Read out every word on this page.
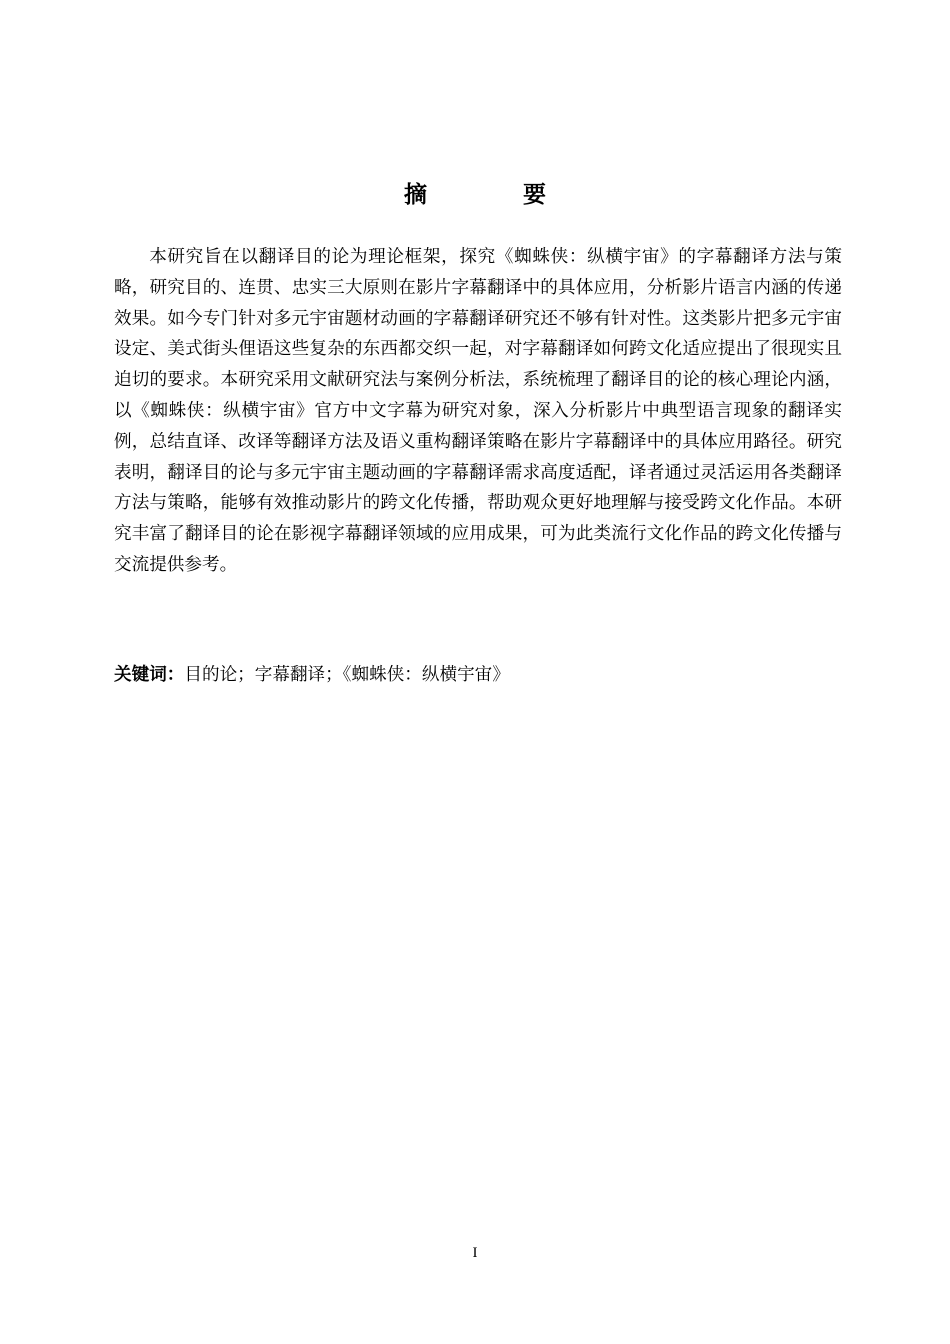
摘 要

本研究旨在以翻译目的论为理论框架，探究《蜘蛛侠：纵横宇宙》的字幕翻译方法与策略，研究目的、连贯、忠实三大原则在影片字幕翻译中的具体应用，分析影片语言内涵的传递效果。如今专门针对多元宇宙题材动画的字幕翻译研究还不够有针对性。这类影片把多元宇宙设定、美式街头俚语这些复杂的东西都交织一起，对字幕翻译如何跨文化适应提出了很现实且迫切的要求。本研究采用文献研究法与案例分析法，系统梳理了翻译目的论的核心理论内涵，以《蜘蛛侠：纵横宇宙》官方中文字幕为研究对象，深入分析影片中典型语言现象的翻译实例，总结直译、改译等翻译方法及语义重构翻译策略在影片字幕翻译中的具体应用路径。研究表明，翻译目的论与多元宇宙主题动画的字幕翻译需求高度适配，译者通过灵活运用各类翻译方法与策略，能够有效推动影片的跨文化传播，帮助观众更好地理解与接受跨文化作品。本研究丰富了翻译目的论在影视字幕翻译领域的应用成果，可为此类流行文化作品的跨文化传播与交流提供参考。

关键词：目的论；字幕翻译；《蜘蛛侠：纵横宇宙》

I
